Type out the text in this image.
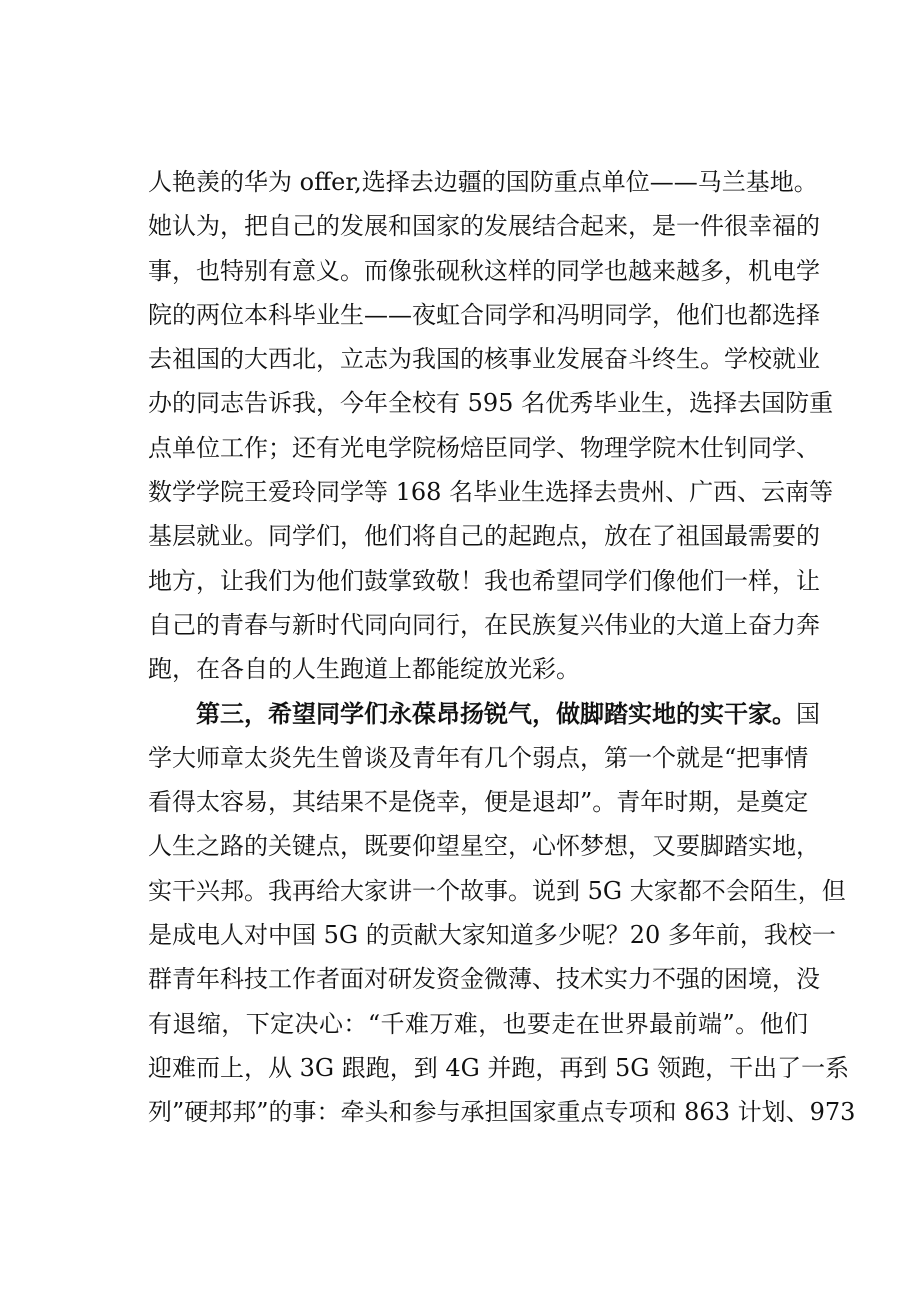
人艳羡的华为 offer,选择去边疆的国防重点单位——马兰基地。
她认为，把自己的发展和国家的发展结合起来，是一件很幸福的
事，也特别有意义。而像张砚秋这样的同学也越来越多，机电学
院的两位本科毕业生——夜虹合同学和冯明同学，他们也都选择
去祖国的大西北，立志为我国的核事业发展奋斗终生。学校就业
办的同志告诉我，今年全校有 595 名优秀毕业生，选择去国防重
点单位工作；还有光电学院杨焙臣同学、物理学院木仕钊同学、
数学学院王爱玲同学等 168 名毕业生选择去贵州、广西、云南等
基层就业。同学们，他们将自己的起跑点，放在了祖国最需要的
地方，让我们为他们鼓掌致敬！我也希望同学们像他们一样，让
自己的青春与新时代同向同行，在民族复兴伟业的大道上奋力奔
跑，在各自的人生跑道上都能绽放光彩。
第三，希望同学们永葆昂扬锐气，做脚踏实地的实干家。国
学大师章太炎先生曾谈及青年有几个弱点，第一个就是“把事情
看得太容易，其结果不是侥幸，便是退却”。青年时期，是奠定
人生之路的关键点，既要仰望星空，心怀梦想，又要脚踏实地，
实干兴邦。我再给大家讲一个故事。说到 5G 大家都不会陌生，但
是成电人对中国 5G 的贡献大家知道多少呢？20 多年前，我校一
群青年科技工作者面对研发资金微薄、技术实力不强的困境，没
有退缩，下定决心：“千难万难，也要走在世界最前端”。他们
迎难而上，从 3G 跟跑，到 4G 并跑，再到 5G 领跑，干出了一系
列”硬邦邦”的事：牵头和参与承担国家重点专项和 863 计划、973
